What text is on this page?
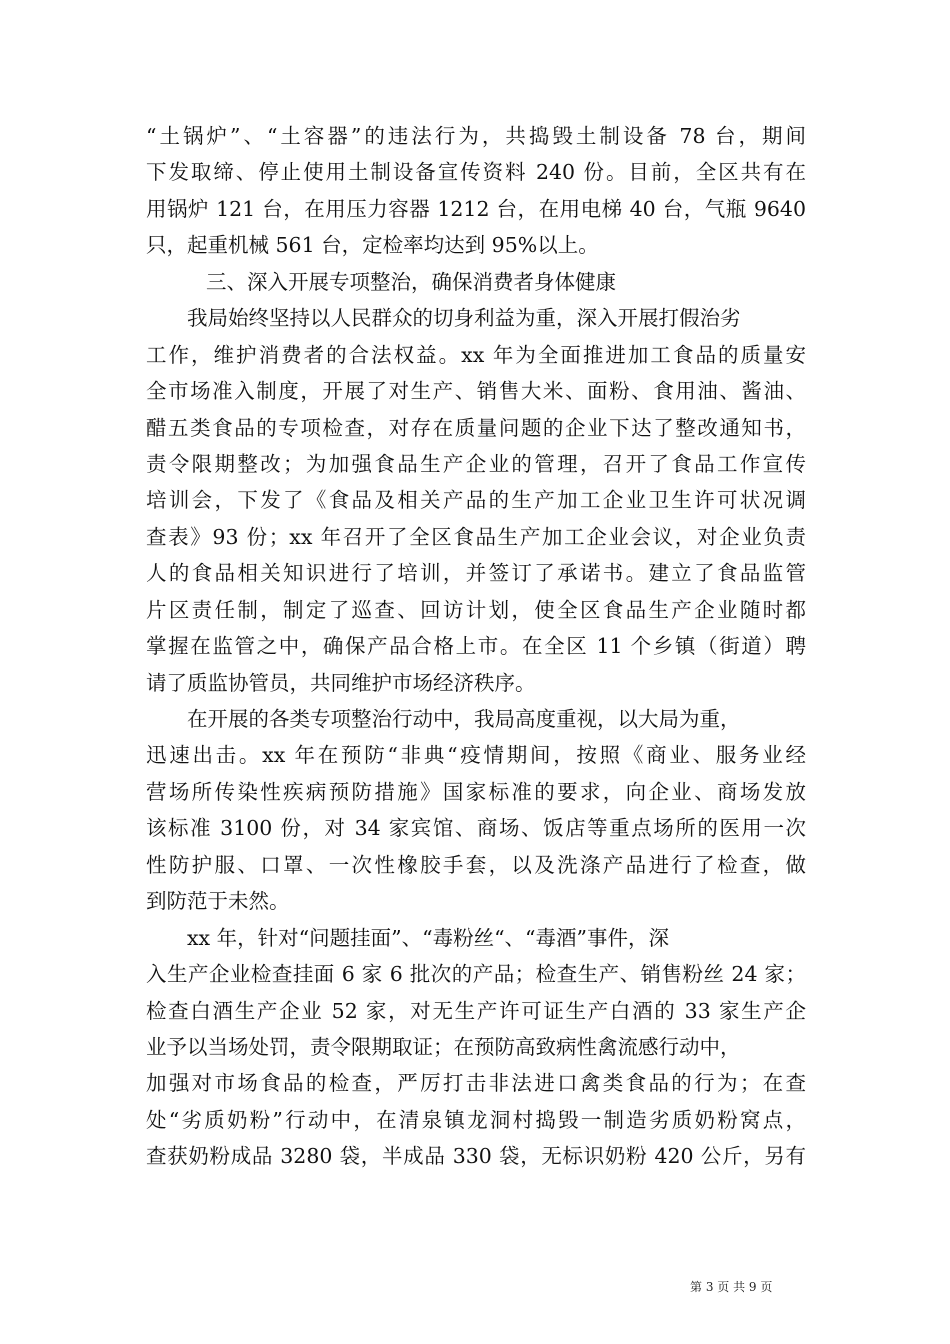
“土锅炉”、“土容器”的违法行为，共捣毁土制设备 78 台，期间
下发取缔、停止使用土制设备宣传资料 240 份。目前，全区共有在
用锅炉 121 台，在用压力容器 1212 台，在用电梯 40 台，气瓶 9640
只，起重机械 561 台，定检率均达到 95%以上。
三、深入开展专项整治，确保消费者身体健康
我局始终坚持以人民群众的切身利益为重，深入开展打假治劣
工作，维护消费者的合法权益。xx 年为全面推进加工食品的质量安
全市场准入制度，开展了对生产、销售大米、面粉、食用油、酱油、
醋五类食品的专项检查，对存在质量问题的企业下达了整改通知书，
责令限期整改；为加强食品生产企业的管理，召开了食品工作宣传
培训会，下发了《食品及相关产品的生产加工企业卫生许可状况调
查表》93 份；xx 年召开了全区食品生产加工企业会议，对企业负责
人的食品相关知识进行了培训，并签订了承诺书。建立了食品监管
片区责任制，制定了巡查、回访计划，使全区食品生产企业随时都
掌握在监管之中，确保产品合格上市。在全区 11 个乡镇（街道）聘
请了质监协管员，共同维护市场经济秩序。
在开展的各类专项整治行动中，我局高度重视，以大局为重，
迅速出击。xx 年在预防“非典“疫情期间，按照《商业、服务业经
营场所传染性疾病预防措施》国家标准的要求，向企业、商场发放
该标准 3100 份，对 34 家宾馆、商场、饭店等重点场所的医用一次
性防护服、口罩、一次性橡胶手套，以及洗涤产品进行了检查，做
到防范于未然。
xx 年，针对“问题挂面”、“毒粉丝“、“毒酒”事件，深
入生产企业检查挂面 6 家 6 批次的产品；检查生产、销售粉丝 24 家；
检查白酒生产企业 52 家，对无生产许可证生产白酒的 33 家生产企
业予以当场处罚，责令限期取证；在预防高致病性禽流感行动中，
加强对市场食品的检查，严厉打击非法进口禽类食品的行为；在查
处“劣质奶粉”行动中，在清泉镇龙洞村捣毁一制造劣质奶粉窝点，
查获奶粉成品 3280 袋，半成品 330 袋，无标识奶粉 420 公斤，另有
第 3 页 共 9 页
